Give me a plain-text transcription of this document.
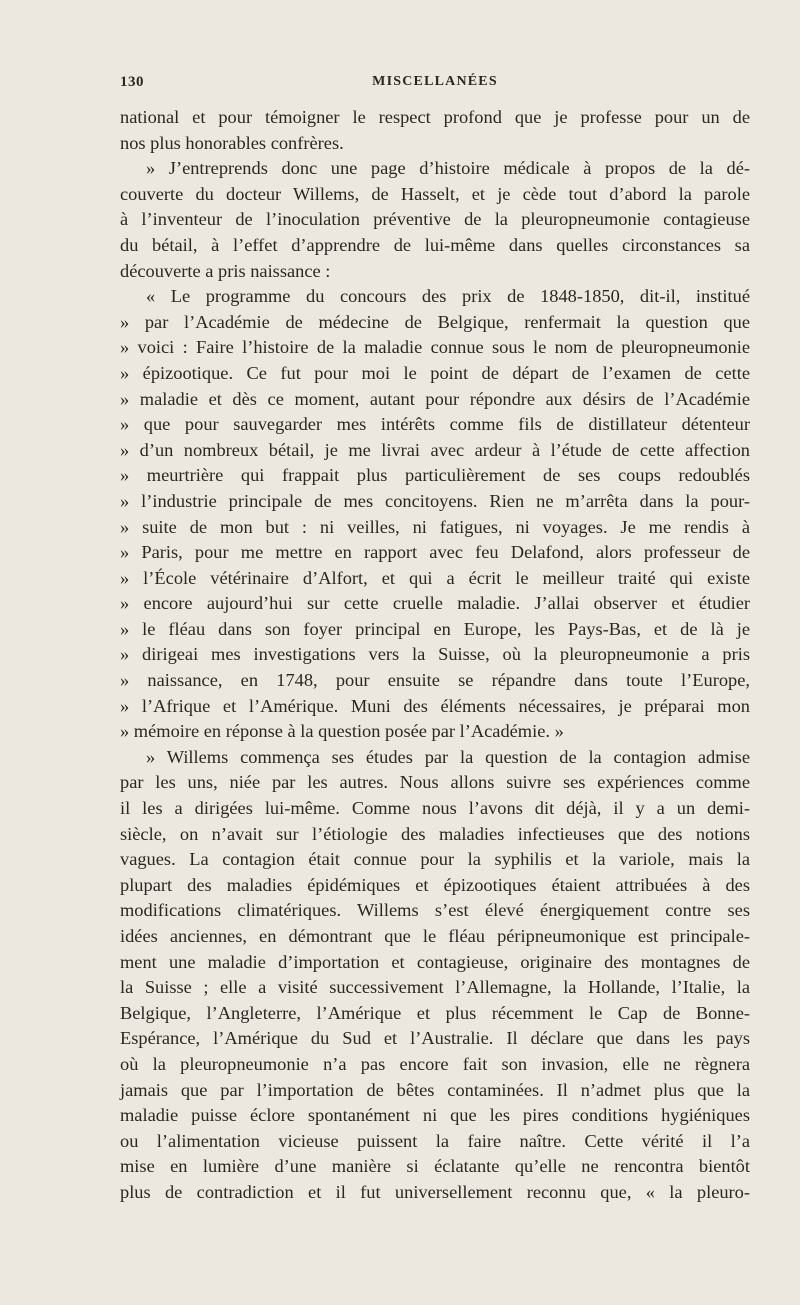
130	MISCELLANÉES
national et pour témoigner le respect profond que je professe pour un de
nos plus honorables confrères.
» J’entreprends donc une page d’histoire médicale à propos de la dé-
couverte du docteur Willems, de Hasselt, et je cède tout d’abord la parole
à l’inventeur de l’inoculation préventive de la pleuropneumonie contagieuse
du bétail, à l’effet d’apprendre de lui-même dans quelles circonstances sa
découverte a pris naissance :
« Le programme du concours des prix de 1848-1850, dit-il, institué
» par l’Académie de médecine de Belgique, renfermait la question que
» voici : Faire l’histoire de la maladie connue sous le nom de pleuropneumonie
» épizootique. Ce fut pour moi le point de départ de l’examen de cette
» maladie et dès ce moment, autant pour répondre aux désirs de l’Académie
» que pour sauvegarder mes intérêts comme fils de distillateur détenteur
» d’un nombreux bétail, je me livrai avec ardeur à l’étude de cette affection
» meurtrière qui frappait plus particulièrement de ses coups redoublés
» l’industrie principale de mes concitoyens. Rien ne m’arrêta dans la pour-
» suite de mon but : ni veilles, ni fatigues, ni voyages. Je me rendis à
» Paris, pour me mettre en rapport avec feu Delafond, alors professeur de
» l’École vétérinaire d’Alfort, et qui a écrit le meilleur traité qui existe
» encore aujourd’hui sur cette cruelle maladie. J’allai observer et étudier
» le fléau dans son foyer principal en Europe, les Pays-Bas, et de là je
» dirigeai mes investigations vers la Suisse, où la pleuropneumonie a pris
» naissance, en 1748, pour ensuite se répandre dans toute l’Europe,
» l’Afrique et l’Amérique. Muni des éléments nécessaires, je préparai mon
» mémoire en réponse à la question posée par l’Académie. »
» Willems commença ses études par la question de la contagion admise
par les uns, niée par les autres. Nous allons suivre ses expériences comme
il les a dirigées lui-même. Comme nous l’avons dit déjà, il y a un demi-
siècle, on n’avait sur l’étiologie des maladies infectieuses que des notions
vagues. La contagion était connue pour la syphilis et la variole, mais la
plupart des maladies épidémiques et épizootiques étaient attribuées à des
modifications climatériques. Willems s’est élevé énergiquement contre ses
idées anciennes, en démontrant que le fléau péripneumonique est principale-
ment une maladie d’importation et contagieuse, originaire des montagnes de
la Suisse ; elle a visité successivement l’Allemagne, la Hollande, l’Italie, la
Belgique, l’Angleterre, l’Amérique et plus récemment le Cap de Bonne-
Espérance, l’Amérique du Sud et l’Australie. Il déclare que dans les pays
où la pleuropneumonie n’a pas encore fait son invasion, elle ne règnera
jamais que par l’importation de bêtes contaminées. Il n’admet plus que la
maladie puisse éclore spontanément ni que les pires conditions hygiéniques
ou l’alimentation vicieuse puissent la faire naître. Cette vérité il l’a
mise en lumière d’une manière si éclatante qu’elle ne rencontra bientôt
plus de contradiction et il fut universellement reconnu que, « la pleuro-
